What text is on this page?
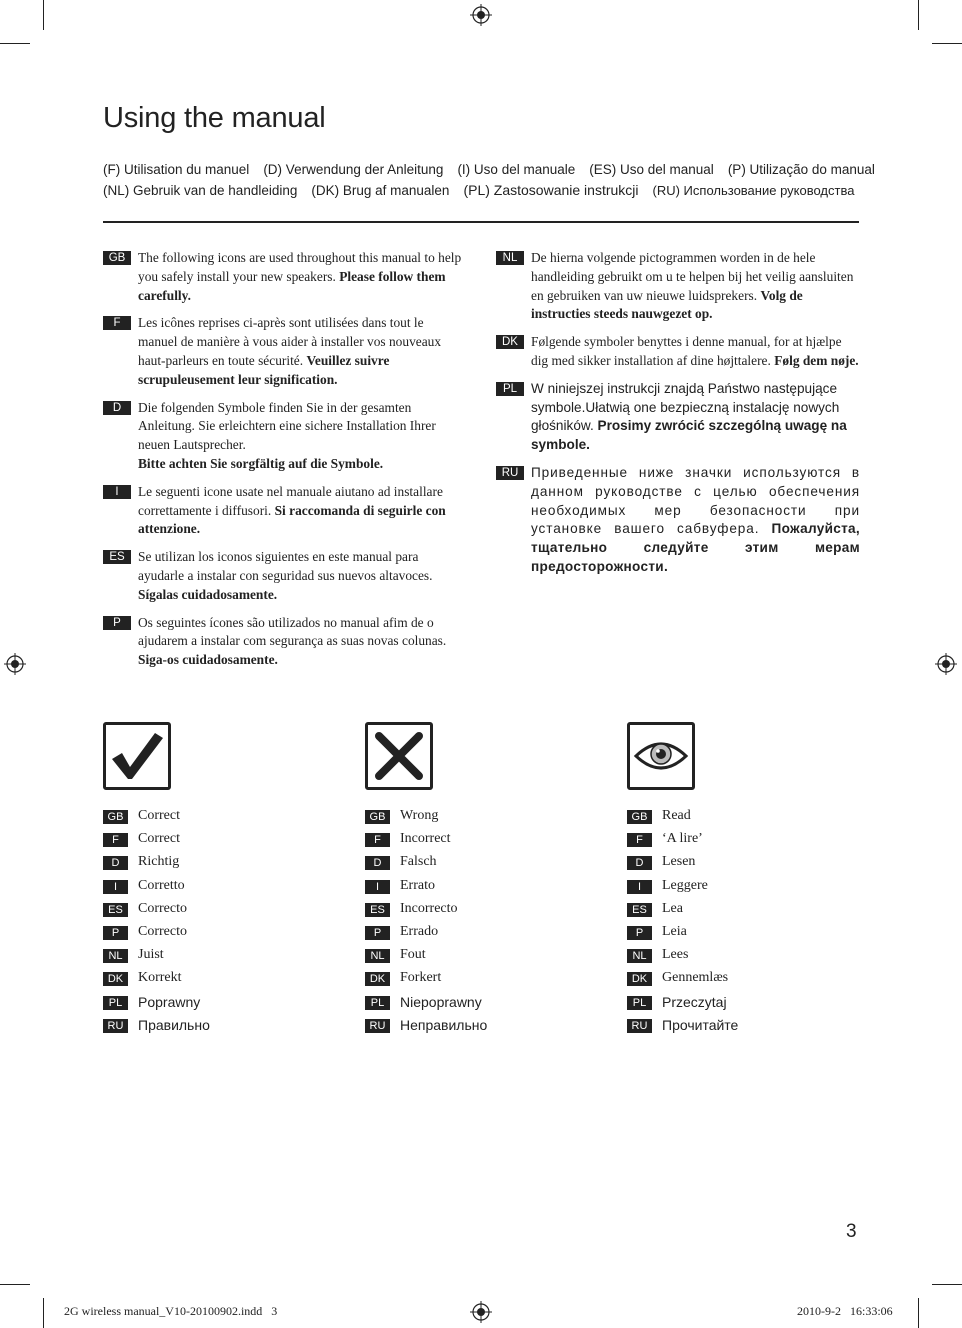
Using the manual
(F) Utilisation du manuel (D) Verwendung der Anleitung (I) Uso del manuale (ES) Uso del manual (P) Utilização do manual
(NL) Gebruik van de handleiding (DK) Brug af manualen (PL) Zastosowanie instrukcji (RU) Использование руководства
GB The following icons are used throughout this manual to help you safely install your new speakers. Please follow them carefully.
F	Les icônes reprises ci-après sont utilisées dans tout le manuel de manière à vous aider à installer vos nouveaux haut-parleurs en toute sécurité. Veuillez suivre scrupuleusement leur signification.
D	Die folgenden Symbole finden Sie in der gesamten Anleitung. Sie erleichtern eine sichere Installation Ihrer neuen Lautsprecher.
Bitte achten Sie sorgfältig auf die Symbole.
I	Le seguenti icone usate nel manuale aiutano ad installare correttamente i diffusori. Si raccomanda di seguirle con attenzione.
ES Se utilizan los iconos siguientes en este manual para ayudarle a instalar con seguridad sus nuevos altavoces. Sígalas cuidadosamente.
P	Os seguintes ícones são utilizados no manual afim de o ajudarem a instalar com segurança as suas novas colunas. Siga-os cuidadosamente.
NL	De hierna volgende pictogrammen worden in de hele handleiding gebruikt om u te helpen bij het veilig aansluiten en gebruiken van uw nieuwe luidsprekers. Volg de instructies steeds nauwgezet op.
DK Følgende symboler benyttes i denne manual, for at hjælpe dig med sikker installation af dine højttalere. Følg dem nøje.
PL	W niniejszej instrukcji znajdą Państwo następujące symbole.Ułatwią one bezpieczną instalację nowych głośników. Prosimy zwrócić szczególną uwagę na symbole.
RU Приведенные ниже значки используются в данном руководстве с целью обеспечения необходимых мер безопасности при установке вашего сабвуфера. Пожалуйста, тщательно следуйте этим мерам предосторожности.
GB	Correct
F	Correct
D	Richtig
I	Corretto
ES	Correcto
P	Correcto
NL	Juist
DK	Korrekt
PL	Poprawny
RU	Правильно
GB	Wrong
F	Incorrect
D	Falsch
I	Errato
ES	Incorrecto
P	Errado
NL	Fout
DK	Forkert
PL	Niepoprawny
RU	Неправильно
GB	Read
F	‘A lire’
D	Lesen
I	Leggere
ES	Lea
P	Leia
NL	Lees
DK	Gennemlæs
PL	Przeczytaj
RU	Прочитайте
3
2G wireless manual_V10-20100902.indd   3	2010-9-2   16:33:06
